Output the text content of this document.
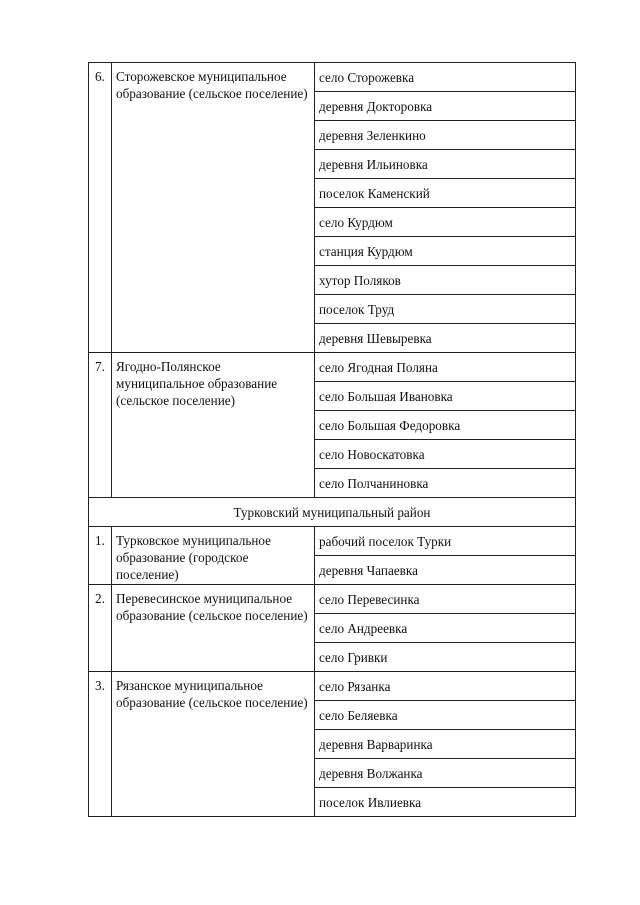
6.	Сторожевское муниципальное образование (сельское поселение)	село Сторожевка
		деревня Докторовка
		деревня Зеленкино
		деревня Ильиновка
		поселок Каменский
		село Курдюм
		станция Курдюм
		хутор Поляков
		поселок Труд
		деревня Шевыревка
7.	Ягодно-Полянское муниципальное образование (сельское поселение)	село Ягодная Поляна
		село Большая Ивановка
		село Большая Федоровка
		село Новоскатовка
		село Полчаниновка
Турковский муниципальный район		
1.	Турковское муниципальное образование (городское поселение)	рабочий поселок Турки
		деревня Чапаевка
2.	Перевесинское муниципальное образование (сельское поселение)	село Перевесинка
		село Андреевка
		село Гривки
3.	Рязанское муниципальное образование (сельское поселение)	село Рязанка
		село Беляевка
		деревня Варваринка
		деревня Волжанка
		поселок Ивлиевка
